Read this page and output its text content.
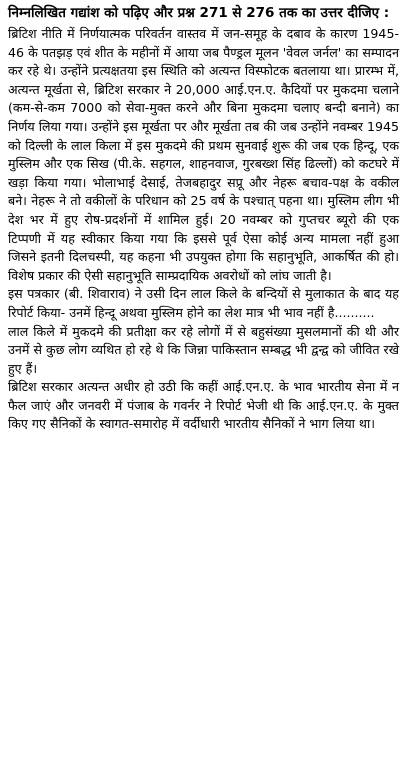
निम्नलिखित गद्यांश को पढ़िए और प्रश्न 271 से 276 तक का उत्तर दीजिए :

ब्रिटिश नीति में निर्णयात्मक परिवर्तन वास्तव में जन-समूह के दबाव के कारण 1945-46 के पतझड़ एवं शीत के महीनों में आया जब पैण्ड्रल मूलन 'वेवल जर्नल' का सम्पादन कर रहे थे। उन्होंने प्रत्यक्षतया इस स्थिति को अत्यन्त विस्फोटक बतलाया था। प्रारम्भ में, अत्यन्त मूर्खता से, ब्रिटिश सरकार ने 20,000 आई.एन.ए. कैदियों पर मुकदमा चलाने (कम-से-कम 7000 को सेवा-मुक्त करने और बिना मुकदमा चलाए बन्दी बनाने) का निर्णय लिया गया। उन्होंने इस मूर्खता पर और मूर्खता तब की जब उन्होंने नवम्बर 1945 को दिल्ली के लाल किला में इस मुकदमे की प्रथम सुनवाई शुरू की जब एक हिन्दू, एक मुस्लिम और एक सिख (पी.के. सहगल, शाहनवाज, गुरबख्श सिंह ढिल्लों) को कटघरे में खड़ा किया गया। भोलाभाई देसाई, तेजबहादुर सप्रू और नेहरू बचाव-पक्ष के वकील बने। नेहरू ने तो वकीलों के परिधान को 25 वर्ष के पश्चात् पहना था। मुस्लिम लीग भी देश भर में हुए रोष-प्रदर्शनों में शामिल हुई। 20 नवम्बर को गुप्तचर ब्यूरो की एक टिप्पणी में यह स्वीकार किया गया कि इससे पूर्व ऐसा कोई अन्य मामला नहीं हुआ जिसने इतनी दिलचस्पी, यह कहना भी उपयुक्त होगा कि सहानुभूति, आकर्षित की हो। विशेष प्रकार की ऐसी सहानुभूति साम्प्रदायिक अवरोधों को लांघ जाती है।

इस पत्रकार (बी. शिवाराव) ने उसी दिन लाल किले के बन्दियों से मुलाकात के बाद यह रिपोर्ट किया- उनमें हिन्दू अथवा मुस्लिम होने का लेश मात्र भी भाव नहीं है..........

लाल किले में मुकदमे की प्रतीक्षा कर रहे लोगों में से बहुसंख्या मुसलमानों की थी और उनमें से कुछ लोग व्यथित हो रहे थे कि जिन्ना पाकिस्तान सम्बद्ध भी द्वन्द्व को जीवित रखे हुए हैं।

ब्रिटिश सरकार अत्यन्त अधीर हो उठी कि कहीं आई.एन.ए. के भाव भारतीय सेना में न फैल जाएं और जनवरी में पंजाब के गवर्नर ने रिपोर्ट भेजी थी कि आई.एन.ए. के मुक्त किए गए सैनिकों के स्वागत-समारोह में वर्दीधारी भारतीय सैनिकों ने भाग लिया था।
